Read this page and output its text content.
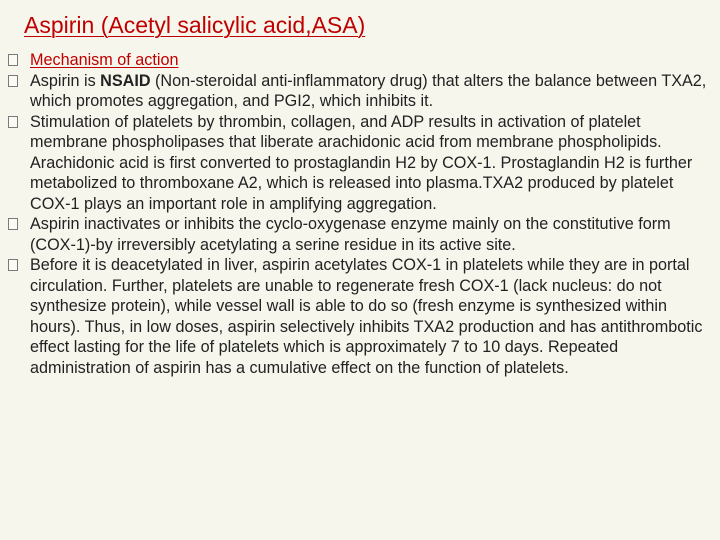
Aspirin (Acetyl salicylic acid,ASA)
Mechanism of action
Aspirin is NSAID (Non-steroidal anti-inflammatory drug) that alters the balance between TXA2, which promotes aggregation, and PGI2, which inhibits it.
Stimulation of platelets by thrombin, collagen, and ADP results in activation of platelet membrane phospholipases that liberate arachidonic acid from membrane phospholipids. Arachidonic acid is first converted to prostaglandin H2 by COX-1. Prostaglandin H2 is further metabolized to thromboxane A2, which is released into plasma.TXA2 produced by platelet COX-1 plays an important role in amplifying aggregation.
Aspirin inactivates or inhibits the cyclo-oxygenase enzyme mainly on the constitutive form (COX-1)-by irreversibly acetylating a serine residue in its active site.
Before it is deacetylated in liver, aspirin acetylates COX-1 in platelets while they are in portal circulation. Further, platelets are unable to regenerate fresh COX-1 (lack nucleus: do not synthesize protein), while vessel wall is able to do so (fresh enzyme is synthesized within hours). Thus, in low doses, aspirin selectively inhibits TXA2 production and has antithrombotic effect lasting for the life of platelets which is approximately 7 to 10 days. Repeated administration of aspirin has a cumulative effect on the function of platelets.
